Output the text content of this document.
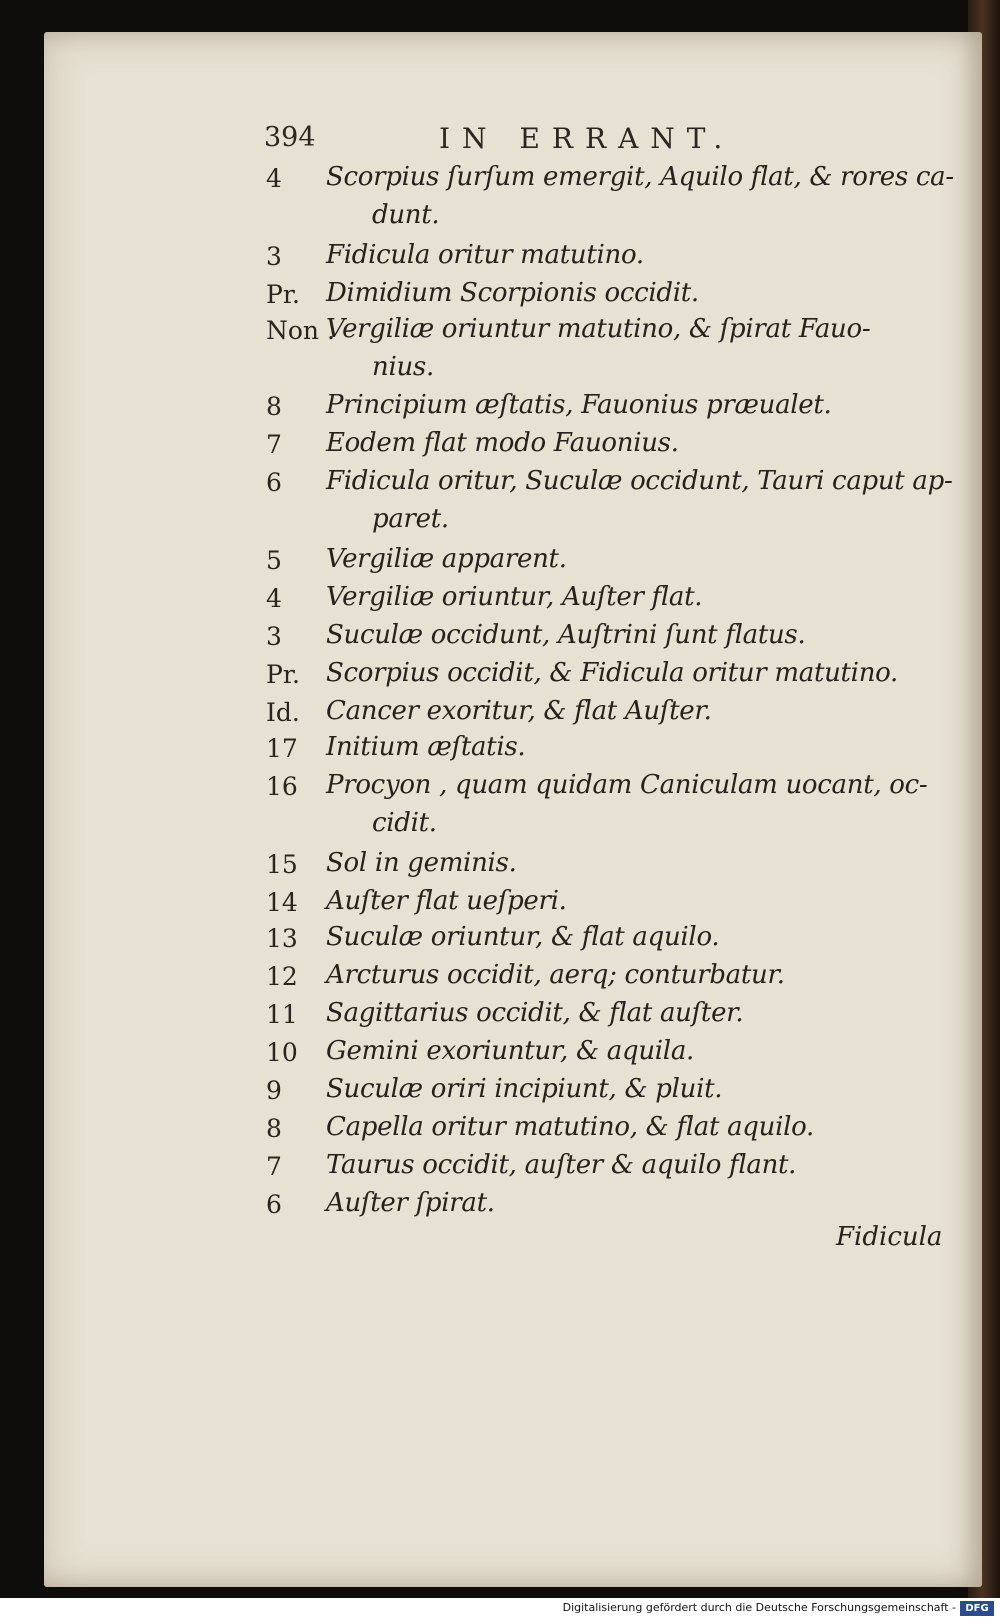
394	IN ERRANT.
4 Scorpius ſurſum emergit, Aquilo flat, & rores ca-
dunt.
3 Fidicula oritur matutino.
Pr. Dimidium Scorpionis occidit.
Non .
Vergiliæ oriuntur matutino, & ſpirat Fauo-
nius.
8 Principium æſtatis, Fauonius præualet.
7 Eodem flat modo Fauonius.
6 Fidicula oritur, Suculæ occidunt, Tauri caput ap-
paret.
5 Vergiliæ apparent.
4 Vergiliæ oriuntur, Auſter flat.
3 Suculæ occidunt, Auſtrini ſunt flatus.
Pr. Scorpius occidit, & Fidicula oritur matutino.
Id. Cancer exoritur, & flat Auſter.
17 Initium æſtatis.
16 Procyon , quam quidam Caniculam uocant, oc-
cidit.
15 Sol in geminis.
14 Auſter flat ueſperi.
13 Suculæ oriuntur, & flat aquilo.
12 Arcturus occidit, aerq; conturbatur.
11 Sagittarius occidit, & flat auſter.
10 Gemini exoriuntur, & aquila.
9 Suculæ oriri incipiunt, & pluit.
8 Capella oritur matutino, & flat aquilo.
7 Taurus occidit, auſter & aquilo flant.
6 Auſter ſpirat.
Fidicula
Digitalisierung gefördert durch die Deutsche Forschungsgemeinschaft - DFG
